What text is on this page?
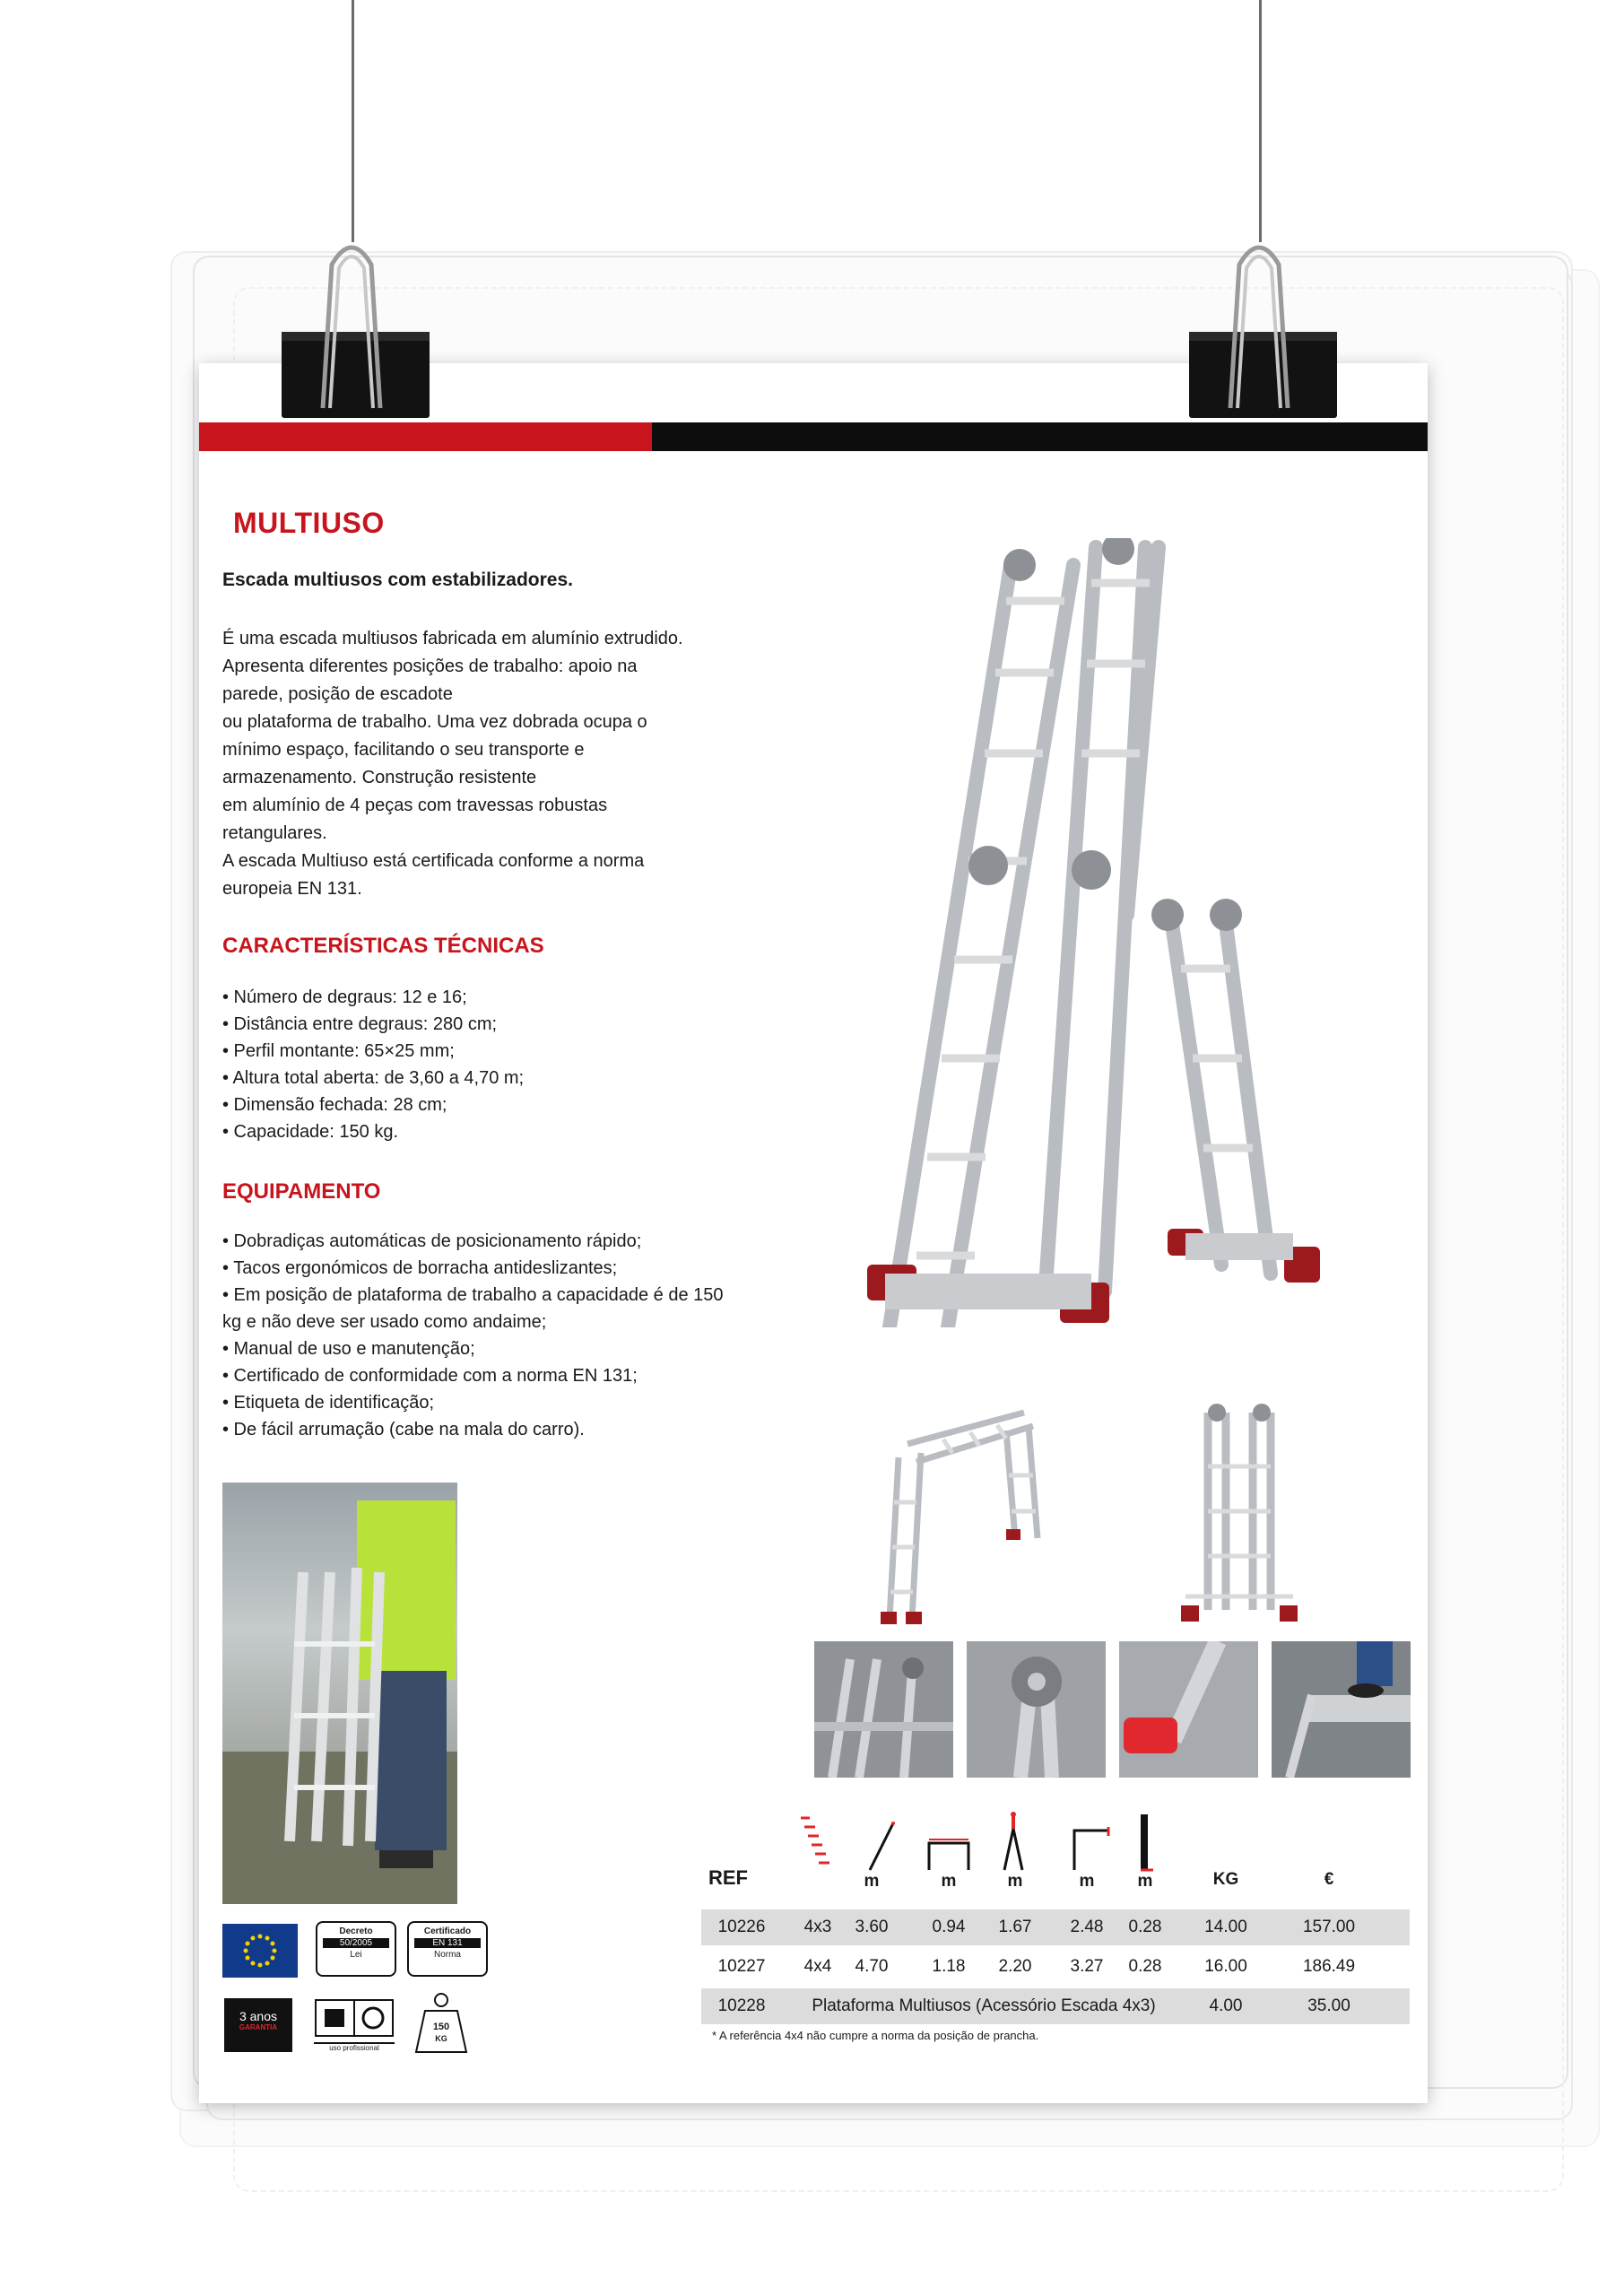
MULTIUSO
Escada multiusos com estabilizadores.
É uma escada multiusos fabricada em alumínio extrudido.
Apresenta diferentes posições de trabalho: apoio na
parede, posição de escadote
ou plataforma de trabalho. Uma vez dobrada ocupa o
mínimo espaço, facilitando o seu transporte e
armazenamento. Construção resistente
em alumínio de 4 peças com travessas robustas
retangulares.
A escada Multiuso está certificada conforme a norma
europeia EN 131.
CARACTERÍSTICAS TÉCNICAS
• Número de degraus: 12 e 16;
• Distância entre degraus: 280 cm;
• Perfil montante: 65×25 mm;
• Altura total aberta: de 3,60 a 4,70 m;
• Dimensão fechada: 28 cm;
• Capacidade: 150 kg.
EQUIPAMENTO
• Dobradiças automáticas de posicionamento rápido;
• Tacos ergonómicos de borracha antideslizantes;
• Em posição de plataforma de trabalho a capacidade é de 150
kg e não deve ser usado como andaime;
• Manual de uso e manutenção;
• Certificado de conformidade com a norma EN 131;
• Etiqueta de identificação;
• De fácil arrumação (cabe na mala do carro).
Decreto
50/2005
Lei
Certificado
EN 131
Norma
3 anos
GARANTIA
uso profissional
150
KG
REF	m	m	m	m	m	KG	€
10226	4x3	3.60	0.94	1.67	2.48	0.28	14.00	157.00
10227	4x4	4.70	1.18	2.20	3.27	0.28	16.00	186.49
10228	Plataforma Multiusos (Acessório Escada 4x3)	4.00	35.00
* A referência 4x4 não cumpre a norma da posição de prancha.
